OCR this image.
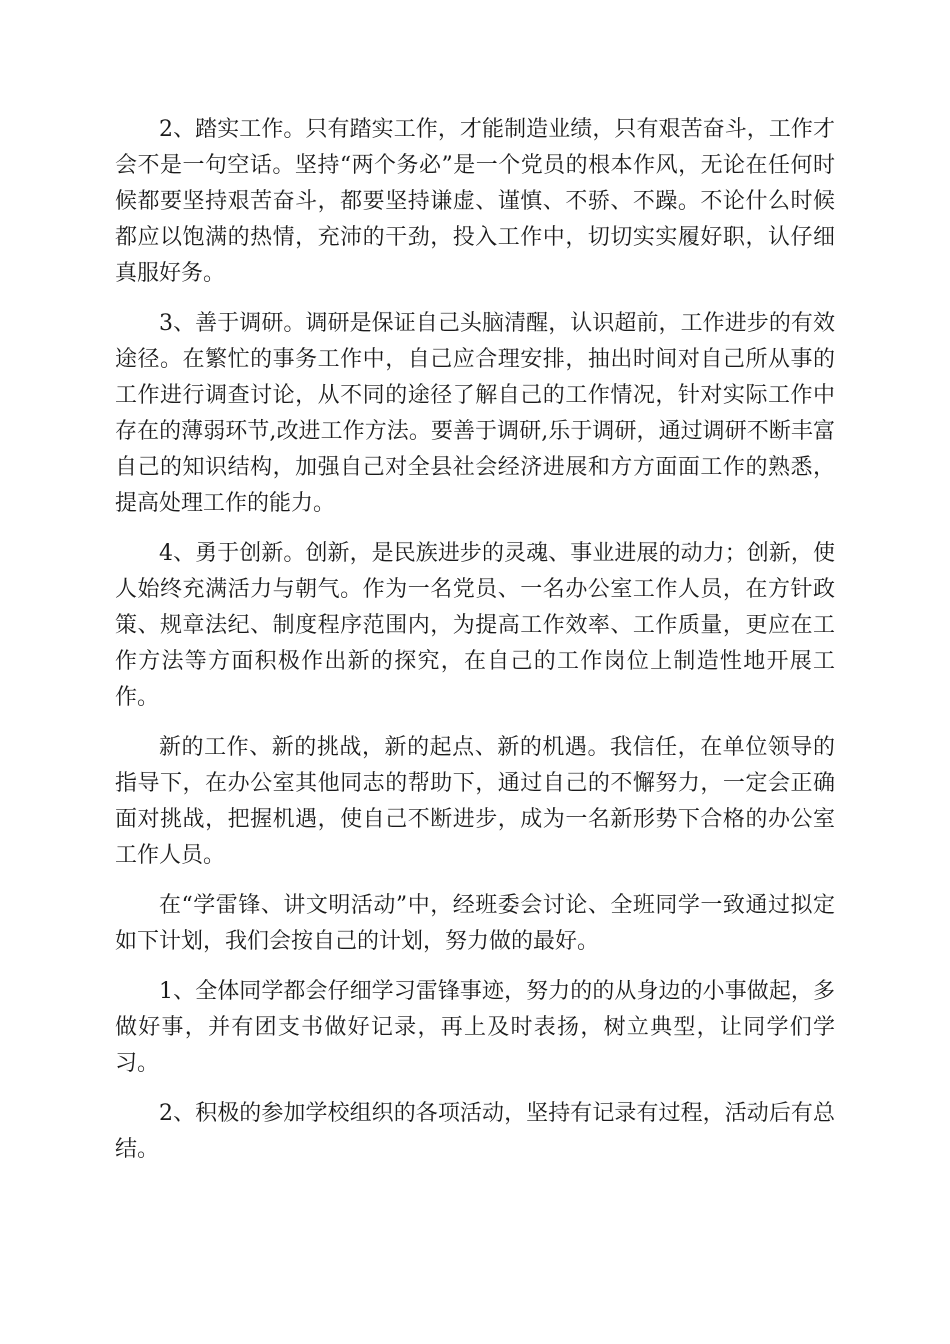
2、踏实工作。只有踏实工作，才能制造业绩，只有艰苦奋斗，工作才会不是一句空话。坚持“两个务必”是一个党员的根本作风，无论在任何时候都要坚持艰苦奋斗，都要坚持谦虚、谨慎、不骄、不躁。不论什么时候都应以饱满的热情，充沛的干劲，投入工作中，切切实实履好职，认仔细真服好务。

3、善于调研。调研是保证自己头脑清醒，认识超前，工作进步的有效途径。在繁忙的事务工作中，自己应合理安排，抽出时间对自己所从事的工作进行调查讨论，从不同的途径了解自己的工作情况，针对实际工作中存在的薄弱环节,改进工作方法。要善于调研,乐于调研，通过调研不断丰富自己的知识结构，加强自己对全县社会经济进展和方方面面工作的熟悉，提高处理工作的能力。

4、勇于创新。创新，是民族进步的灵魂、事业进展的动力；创新，使人始终充满活力与朝气。作为一名党员、一名办公室工作人员，在方针政策、规章法纪、制度程序范围内，为提高工作效率、工作质量，更应在工作方法等方面积极作出新的探究，在自己的工作岗位上制造性地开展工作。

新的工作、新的挑战，新的起点、新的机遇。我信任，在单位领导的指导下，在办公室其他同志的帮助下，通过自己的不懈努力，一定会正确面对挑战，把握机遇，使自己不断进步，成为一名新形势下合格的办公室工作人员。

在“学雷锋、讲文明活动”中，经班委会讨论、全班同学一致通过拟定如下计划，我们会按自己的计划，努力做的最好。

1、全体同学都会仔细学习雷锋事迹，努力的的从身边的小事做起，多做好事，并有团支书做好记录，再上及时表扬，树立典型，让同学们学习。

2、积极的参加学校组织的各项活动，坚持有记录有过程，活动后有总结。
